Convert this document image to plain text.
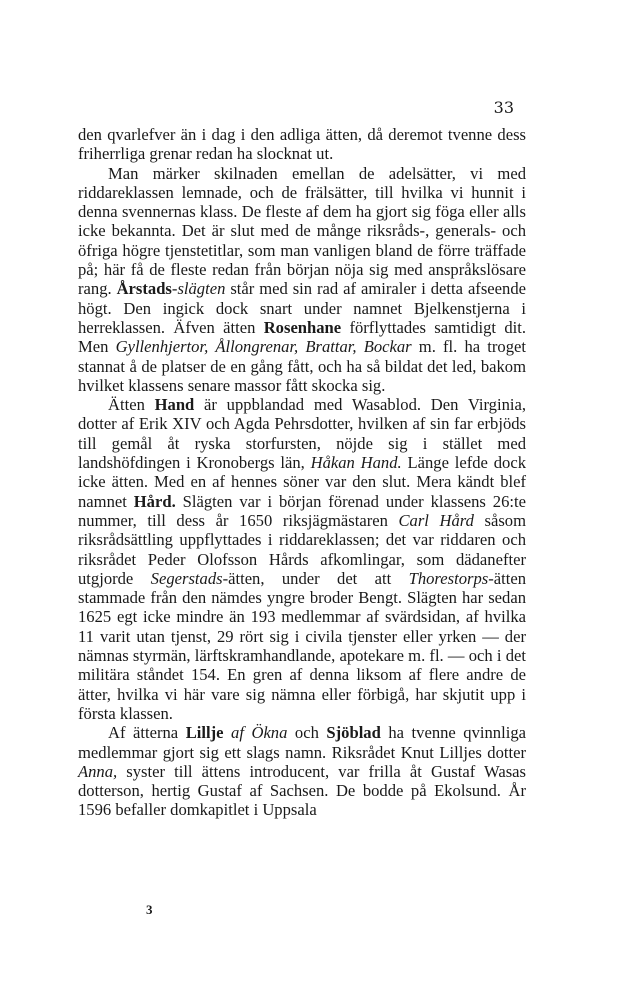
33

den qvarlefver än i dag i den adliga ätten, då deremot tvenne dess friherrliga grenar redan ha slocknat ut.

Man märker skilnaden emellan de adelsätter, vi med riddareklassen lemnade, och de frälsätter, till hvilka vi hunnit i denna svennernas klass. De fleste af dem ha gjort sig föga eller alls icke bekannta. Det är slut med de månge riksråds-, generals- och öfriga högre tjenstetitlar, som man vanligen bland de förre träffade på; här få de fleste redan från början nöja sig med anspråkslösare rang. Årstads-slägten står med sin rad af amiraler i detta afseende högt. Den ingick dock snart under namnet Bjelkenstjerna i herreklassen. Äfven ätten Rosenhane förflyttades samtidigt dit. Men Gyllenhjertor, Ållongrenar, Brattar, Bockar m. fl. ha troget stannat å de platser de en gång fått, och ha så bildat det led, bakom hvilket klassens senare massor fått skocka sig.

Ätten Hand är uppblandad med Wasablod. Den Virginia, dotter af Erik XIV och Agda Pehrsdotter, hvilken af sin far erbjöds till gemål åt ryska storfursten, nöjde sig i stället med landshöfdingen i Kronobergs län, Håkan Hand. Länge lefde dock icke ätten. Med en af hennes söner var den slut. Mera kändt blef namnet Hård. Slägten var i början förenad under klassens 26:te nummer, till dess år 1650 riksjägmästaren Carl Hård såsom riksrådsättling uppflyttades i riddareklassen; det var riddaren och riksrådet Peder Olofsson Hårds afkomlingar, som dädanefter utgjorde Segerstads-ätten, under det att Thorestorps-ätten stammade från den nämdes yngre broder Bengt. Slägten har sedan 1625 egt icke mindre än 193 medlemmar af svärdsidan, af hvilka 11 varit utan tjenst, 29 rört sig i civila tjenster eller yrken — der nämnas styrmän, lärftskramhandlande, apotekare m. fl. — och i det militära ståndet 154. En gren af denna liksom af flere andre de ätter, hvilka vi här vare sig nämna eller förbigå, har skjutit upp i första klassen.

Af ätterna Lillje af Ökna och Sjöblad ha tvenne qvinnliga medlemmar gjort sig ett slags namn. Riksrådet Knut Lilljes dotter Anna, syster till ättens introducent, var frilla åt Gustaf Wasas dotterson, hertig Gustaf af Sachsen. De bodde på Ekolsund. År 1596 befaller domkapitlet i Uppsala

3
